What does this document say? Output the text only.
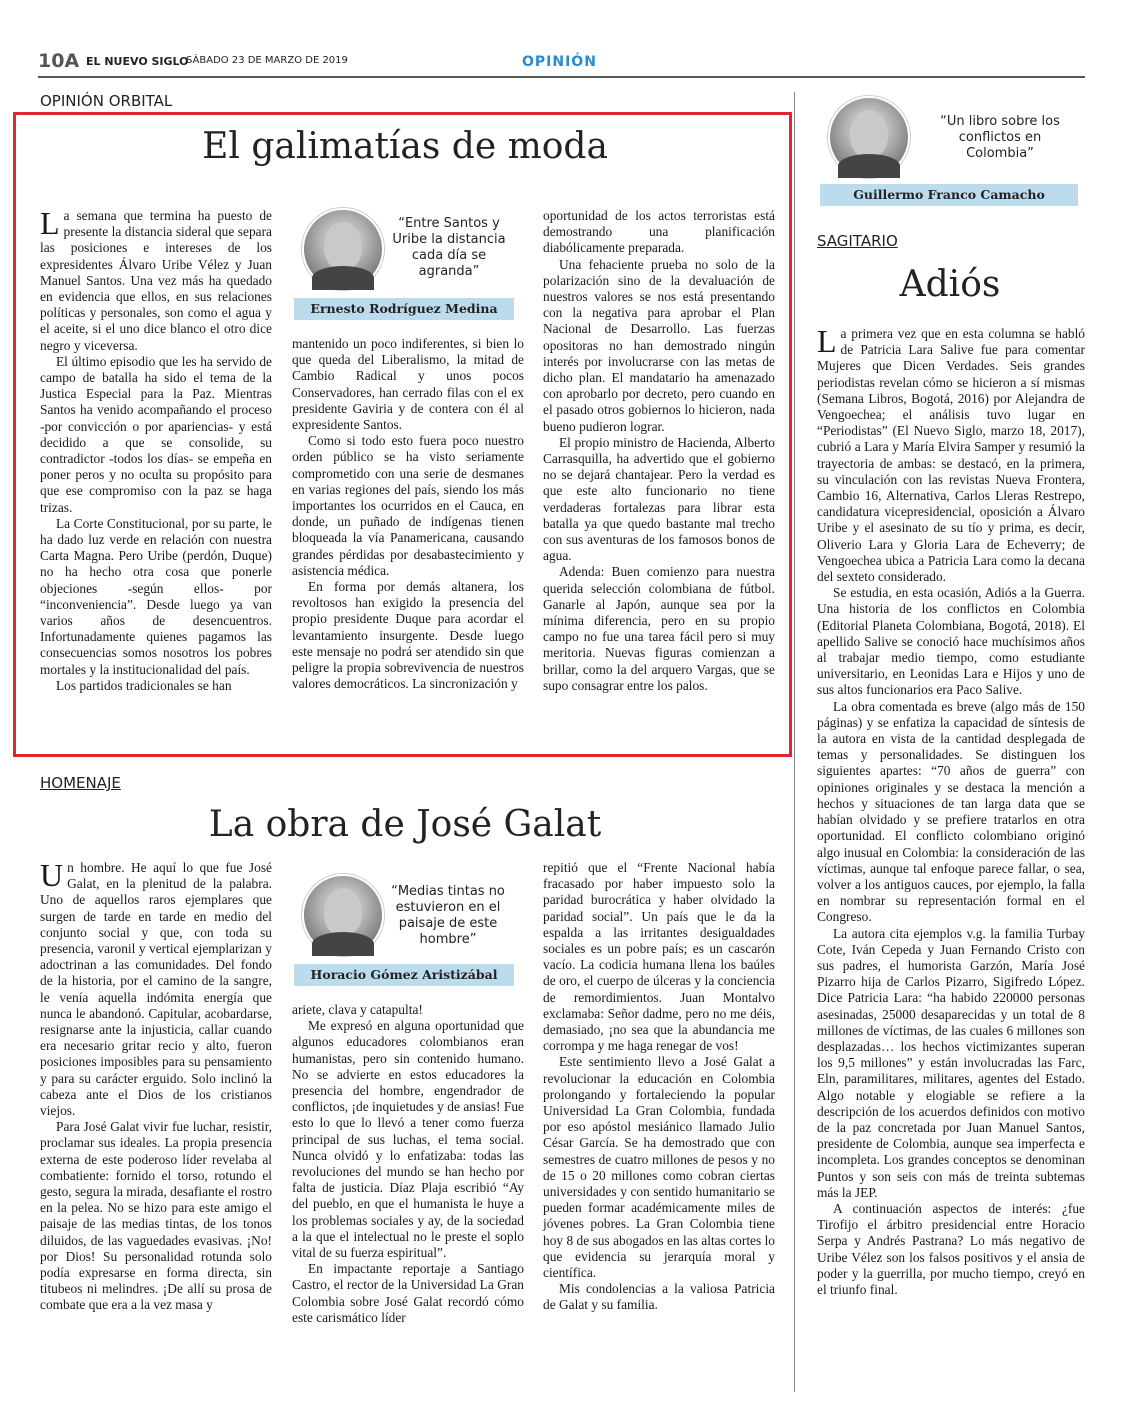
10A EL NUEVO SIGLO
SÁBADO 23 DE MARZO DE 2019	OPINIÓN
OPINIÓN ORBITAL
El galimatías de moda

La semana que termina ha puesto de presente la distancia sideral que separa las posiciones e intereses de los expresidentes Álvaro Uribe Vélez y Juan Manuel Santos. Una vez más ha quedado en evidencia que ellos, en sus relaciones políticas y personales, son como el agua y el aceite, si el uno dice blanco el otro dice negro y viceversa.

El último episodio que les ha servido de campo de batalla ha sido el tema de la Justica Especial para la Paz. Mientras Santos ha venido acompañando el proceso -por convicción o por apariencias- y está decidido a que se consolide, su contradictor -todos los días- se empeña en poner peros y no oculta su propósito para que ese compromiso con la paz se haga trizas.

La Corte Constitucional, por su parte, le ha dado luz verde en relación con nuestra Carta Magna. Pero Uribe (perdón, Duque) no ha hecho otra cosa que ponerle objeciones -según ellos- por “inconveniencia”. Desde luego ya van varios años de desencuentros. Infortunadamente quienes pagamos las consecuencias somos nosotros los pobres mortales y la institucionalidad del país.

Los partidos tradicionales se han

“Entre Santos y Uribe la distancia cada día se agranda”
Ernesto Rodríguez Medina

mantenido un poco indiferentes, si bien lo que queda del Liberalismo, la mitad de Cambio Radical y unos pocos Conservadores, han cerrado filas con el ex presidente Gaviria y de contera con él al expresidente Santos.

Como si todo esto fuera poco nuestro orden público se ha visto seriamente comprometido con una serie de desmanes en varias regiones del país, siendo los más importantes los ocurridos en el Cauca, en donde, un puñado de indígenas tienen bloqueada la vía Panamericana, causando grandes pérdidas por desabastecimiento y asistencia médica.

En forma por demás altanera, los revoltosos han exigido la presencia del propio presidente Duque para acordar el levantamiento insurgente. Desde luego este mensaje no podrá ser atendido sin que peligre la propia sobrevivencia de nuestros valores democráticos. La sincronización y

oportunidad de los actos terroristas está demostrando una planificación diabólicamente preparada.

Una fehaciente prueba no solo de la polarización sino de la devaluación de nuestros valores se nos está presentando con la negativa para aprobar el Plan Nacional de Desarrollo. Las fuerzas opositoras no han demostrado ningún interés por involucrarse con las metas de dicho plan. El mandatario ha amenazado con aprobarlo por decreto, pero cuando en el pasado otros gobiernos lo hicieron, nada bueno pudieron lograr.

El propio ministro de Hacienda, Alberto Carrasquilla, ha advertido que el gobierno no se dejará chantajear. Pero la verdad es que este alto funcionario no tiene verdaderas fortalezas para librar esta batalla ya que quedo bastante mal trecho con sus aventuras de los famosos bonos de agua.

Adenda: Buen comienzo para nuestra querida selección colombiana de fútbol. Ganarle al Japón, aunque sea por la mínima diferencia, pero en su propio campo no fue una tarea fácil pero si muy meritoria. Nuevas figuras comienzan a brillar, como la del arquero Vargas, que se supo consagrar entre los palos.

HOMENAJE
La obra de José Galat

Un hombre. He aquí lo que fue José Galat, en la plenitud de la palabra. Uno de aquellos raros ejemplares que surgen de tarde en tarde en medio del conjunto social y que, con toda su presencia, varonil y vertical ejemplarizan y adoctrinan a las comunidades. Del fondo de la historia, por el camino de la sangre, le venía aquella indómita energía que nunca le abandonó. Capitular, acobardarse, resignarse ante la injusticia, callar cuando era necesario gritar recio y alto, fueron posiciones imposibles para su pensamiento y para su carácter erguido. Solo inclinó la cabeza ante el Dios de los cristianos viejos.

Para José Galat vivir fue luchar, resistir, proclamar sus ideales. La propia presencia externa de este poderoso líder revelaba al combatiente: fornido el torso, rotundo el gesto, segura la mirada, desafiante el rostro en la pelea. No se hizo para este amigo el paisaje de las medias tintas, de los tonos diluidos, de las vaguedades evasivas. ¡No! por Dios! Su personalidad rotunda solo podía expresarse en forma directa, sin titubeos ni melindres. ¡De allí su prosa de combate que era a la vez masa y

“Medias tintas no estuvieron en el paisaje de este hombre”
Horacio Gómez Aristizábal

ariete, clava y catapulta!

Me expresó en alguna oportunidad que algunos educadores colombianos eran humanistas, pero sin contenido humano. No se advierte en estos educadores la presencia del hombre, engendrador de conflictos, ¡de inquietudes y de ansias! Fue esto lo que lo llevó a tener como fuerza principal de sus luchas, el tema social. Nunca olvidó y lo enfatizaba: todas las revoluciones del mundo se han hecho por falta de justicia. Díaz Plaja escribió “Ay del pueblo, en que el humanista le huye a los problemas sociales y ay, de la sociedad a la que el intelectual no le preste el soplo vital de su fuerza espiritual”.

En impactante reportaje a Santiago Castro, el rector de la Universidad La Gran Colombia sobre José Galat recordó cómo este carismático líder

repitió que el “Frente Nacional había fracasado por haber impuesto solo la paridad burocrática y haber olvidado la paridad social”. Un país que le da la espalda a las irritantes desigualdades sociales es un pobre país; es un cascarón vacío. La codicia humana llena los baúles de oro, el cuerpo de úlceras y la conciencia de remordimientos. Juan Montalvo exclamaba: Señor dadme, pero no me déis, demasiado, ¡no sea que la abundancia me corrompa y me haga renegar de vos!

Este sentimiento llevo a José Galat a revolucionar la educación en Colombia prolongando y fortaleciendo la popular Universidad La Gran Colombia, fundada por eso apóstol mesiánico llamado Julio César García. Se ha demostrado que con semestres de cuatro millones de pesos y no de 15 o 20 millones como cobran ciertas universidades y con sentido humanitario se pueden formar académicamente miles de jóvenes pobres. La Gran Colombia tiene hoy 8 de sus abogados en las altas cortes lo que evidencia su jerarquía moral y científica.

Mis condolencias a la valiosa Patricia de Galat y su familia.

“Un libro sobre los conflictos en Colombia”
Guillermo Franco Camacho
SAGITARIO
Adiós

La primera vez que en esta columna se habló de Patricia Lara Salive fue para comentar Mujeres que Dicen Verdades. Seis grandes periodistas revelan cómo se hicieron a sí mismas (Semana Libros, Bogotá, 2016) por Alejandra de Vengoechea; el análisis tuvo lugar en “Periodistas” (El Nuevo Siglo, marzo 18, 2017), cubrió a Lara y María Elvira Samper y resumió la trayectoria de ambas: se destacó, en la primera, su vinculación con las revistas Nueva Frontera, Cambio 16, Alternativa, Carlos Lleras Restrepo, candidatura vicepresidencial, oposición a Álvaro Uribe y el asesinato de su tío y prima, es decir, Oliverio Lara y Gloria Lara de Echeverry; de Vengoechea ubica a Patricia Lara como la decana del sexteto considerado.

Se estudia, en esta ocasión, Adiós a la Guerra. Una historia de los conflictos en Colombia (Editorial Planeta Colombiana, Bogotá, 2018). El apellido Salive se conoció hace muchísimos años al trabajar medio tiempo, como estudiante universitario, en Leonidas Lara e Hijos y uno de sus altos funcionarios era Paco Salive.

La obra comentada es breve (algo más de 150 páginas) y se enfatiza la capacidad de síntesis de la autora en vista de la cantidad desplegada de temas y personalidades. Se distinguen los siguientes apartes: “70 años de guerra” con opiniones originales y se destaca la mención a hechos y situaciones de tan larga data que se habían olvidado y se prefiere tratarlos en otra oportunidad. El conflicto colombiano originó algo inusual en Colombia: la consideración de las víctimas, aunque tal enfoque parece fallar, o sea, volver a los antiguos cauces, por ejemplo, la falla en nombrar su representación formal en el Congreso.

La autora cita ejemplos v.g. la familia Turbay Cote, Iván Cepeda y Juan Fernando Cristo con sus padres, el humorista Garzón, María José Pizarro hija de Carlos Pizarro, Sigifredo López. Dice Patricia Lara: “ha habido 220000 personas asesinadas, 25000 desaparecidas y un total de 8 millones de víctimas, de las cuales 6 millones son desplazadas… los hechos victimizantes superan los 9,5 millones” y están involucradas las Farc, Eln, paramilitares, militares, agentes del Estado. Algo notable y elogiable se refiere a la descripción de los acuerdos definidos con motivo de la paz concretada por Juan Manuel Santos, presidente de Colombia, aunque sea imperfecta e incompleta. Los grandes conceptos se denominan Puntos y son seis con más de treinta subtemas más la JEP.

A continuación aspectos de interés: ¿fue Tirofijo el árbitro presidencial entre Horacio Serpa y Andrés Pastrana? Lo más negativo de Uribe Vélez son los falsos positivos y el ansia de poder y la guerrilla, por mucho tiempo, creyó en el triunfo final.
